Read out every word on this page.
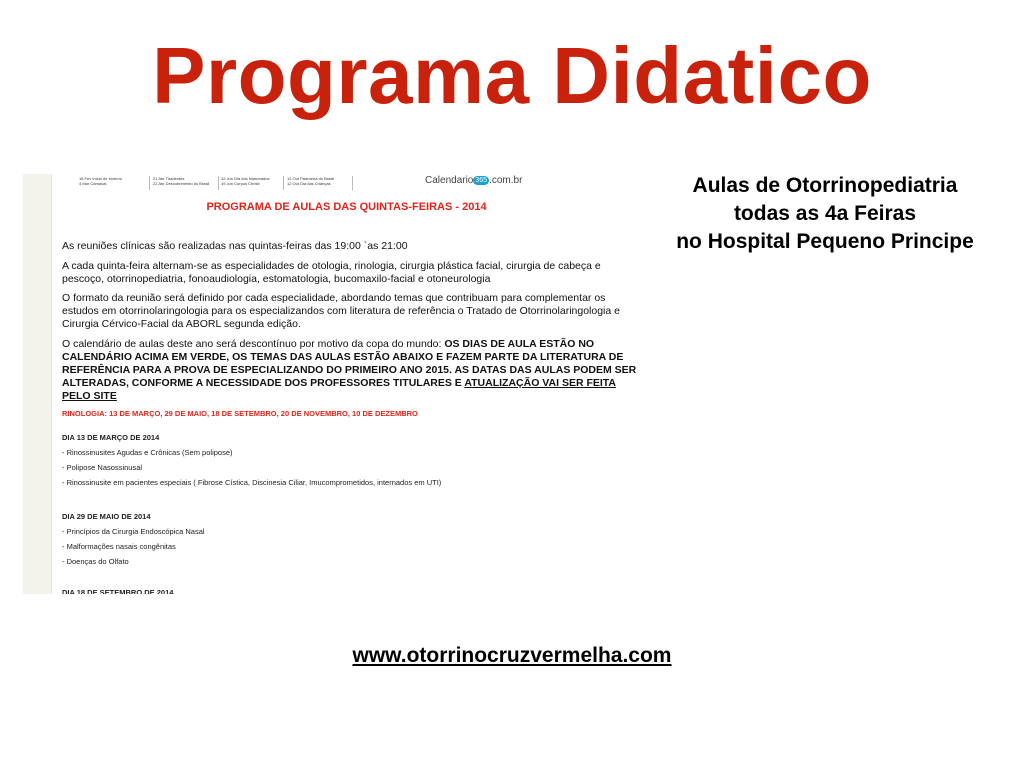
Programa Didatico
16 Fev Início de Inverno
4 Mar Carnaval
21 Abr Tiradentes
22 Abr Descobrimento do Brasil
12 Jun Dia dos Namorados
19 Jun Corpus Christi
12 Out Padroeira do Brasil
12 Out Dia das Crianças	Calendario 365 .com.br
PROGRAMA DE AULAS DAS QUINTAS-FEIRAS - 2014
As reuniões clínicas são realizadas nas quintas-feiras das 19:00 `as 21:00
A cada quinta-feira alternam-se as especialidades de otologia, rinologia, cirurgia plástica facial, cirurgia de cabeça e pescoço, otorrinopediatria, fonoaudiologia, estomatologia, bucomaxilo-facial e otoneurologia
O formato da reunião será definido por cada especialidade, abordando temas que contribuam para complementar os estudos em otorrinolaringologia para os especializandos com literatura de referência o Tratado de Otorrinolaringologia e Cirurgia Cérvico-Facial da ABORL segunda edição.
O calendário de aulas deste ano será descontínuo por motivo da copa do mundo: OS DIAS DE AULA ESTÃO NO CALENDÁRIO ACIMA EM VERDE, OS TEMAS DAS AULAS ESTÃO ABAIXO E FAZEM PARTE DA LITERATURA DE REFERÊNCIA PARA A PROVA DE ESPECIALIZANDO DO PRIMEIRO ANO 2015. AS DATAS DAS AULAS PODEM SER ALTERADAS, CONFORME A NECESSIDADE DOS PROFESSORES TITULARES E ATUALIZAÇÃO VAI SER FEITA PELO SITE
RINOLOGIA: 13 DE MARÇO, 29 DE MAIO, 18 DE SETEMBRO, 20 DE NOVEMBRO, 10 DE DEZEMBRO
DIA 13 DE MARÇO DE 2014
- Rinossinusites Agudas e Crônicas (Sem polipose)
- Polipose Nasossinusal
- Rinossinusite em pacientes especiais ( Fibrose Cística, Discinesia Ciliar, Imucomprometidos, internados em UTI)
DIA 29 DE MAIO DE 2014
- Princípios da Cirurgia Endoscópica Nasal
- Malformações nasais congênitas
- Doenças do Olfato
DIA 18 DE SETEMBRO DE 2014
Aulas de Otorrinopediatria
todas as 4a Feiras
no Hospital Pequeno Principe
www.otorrinocruzvermelha.com
